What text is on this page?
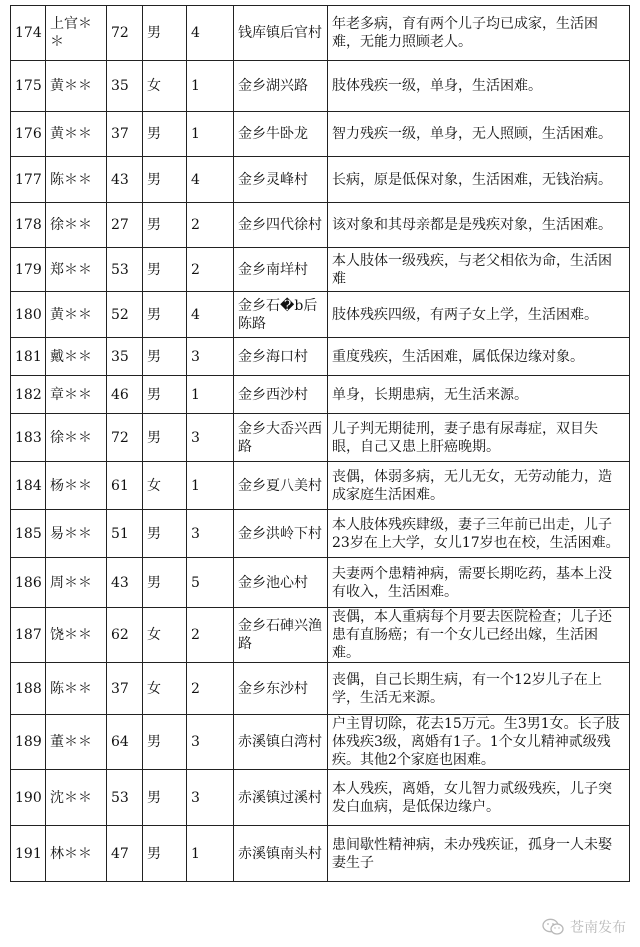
174	上官＊＊	72	男	4	钱库镇后官村	年老多病，育有两个儿子均已成家，生活困难，无能力照顾老人。
175	黄＊＊	35	女	1	金乡湖兴路	肢体残疾一级，单身，生活困难。
176	黄＊＊	37	男	1	金乡牛卧龙	智力残疾一级，单身，无人照顾，生活困难。
177	陈＊＊	43	男	4	金乡灵峰村	长病，原是低保对象，生活困难，无钱治病。
178	徐＊＊	27	男	2	金乡四代徐村	该对象和其母亲都是是残疾对象，生活困难。
179	郑＊＊	53	男	2	金乡南垟村	本人肢体一级残疾，与老父相依为命，生活困难
180	黄＊＊	52	男	4	金乡石�b后陈路	肢体残疾四级，有两子女上学，生活困难。
181	戴＊＊	35	男	3	金乡海口村	重度残疾，生活困难，属低保边缘对象。
182	章＊＊	46	男	1	金乡西沙村	单身，长期患病，无生活来源。
183	徐＊＊	72	男	3	金乡大岙兴西路	儿子判无期徒刑，妻子患有尿毒症，双目失眼，自己又患上肝癌晚期。
184	杨＊＊	61	女	1	金乡夏八美村	丧偶，体弱多病，无儿无女，无劳动能力，造成家庭生活困难。
185	易＊＊	51	男	3	金乡洪岭下村	本人肢体残疾肆级，妻子三年前已出走，儿子23岁在上大学，女儿17岁也在校，生活困难。
186	周＊＊	43	男	5	金乡池心村	夫妻两个患精神病，需要长期吃药，基本上没有收入，生活困难。
187	饶＊＊	62	女	2	金乡石硨兴渔路	丧偶，本人重病每个月要去医院检查；儿子还患有直肠癌；有一个女儿已经出嫁，生活困难。
188	陈＊＊	37	女	2	金乡东沙村	丧偶，自己长期生病，有一个12岁儿子在上学，生活无来源。
189	董＊＊	64	男	3	赤溪镇白湾村	户主胃切除，花去15万元。生3男1女。长子肢体残疾3级，离婚有1子。1个女儿精神贰级残疾。其他2个家庭也困难。
190	沈＊＊	53	男	3	赤溪镇过溪村	本人残疾，离婚，女儿智力贰级残疾，儿子突发白血病，是低保边缘户。
191	林＊＊	47	男	1	赤溪镇南头村	患间歇性精神病，未办残疾证，孤身一人未娶妻生子
苍南发布
